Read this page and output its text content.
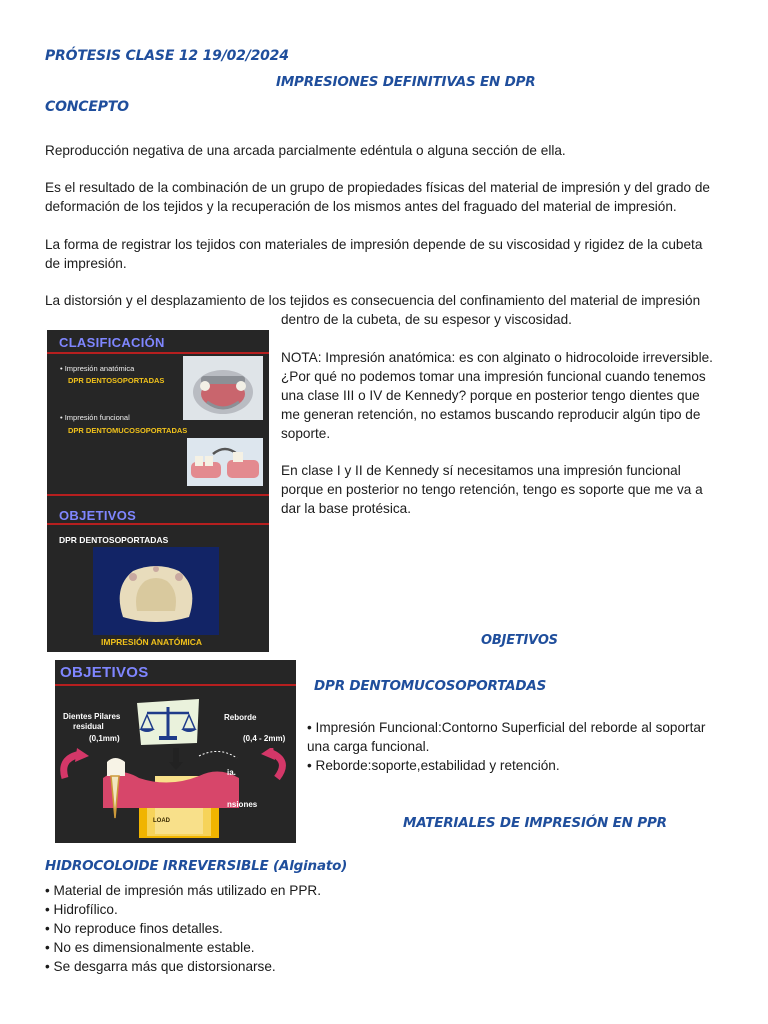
PRÓTESIS CLASE 12 19/02/2024
IMPRESIONES DEFINITIVAS EN DPR
CONCEPTO
Reproducción negativa de una arcada parcialmente edéntula o alguna sección de ella.
Es el resultado de la combinación de un grupo de propiedades físicas del material de impresión y del grado de
deformación de los tejidos y la recuperación de los mismos antes del fraguado del material de impresión.
La forma de registrar los tejidos con materiales de impresión depende de su viscosidad y rigidez de la cubeta
de impresión.
La distorsión y el desplazamiento de los tejidos es consecuencia del confinamiento del material de impresión
dentro de la cubeta, de su espesor y viscosidad.
NOTA: Impresión anatómica: es con alginato o hidrocoloide irreversible.
¿Por qué no podemos tomar una impresión funcional cuando tenemos
una clase III o IV de Kennedy? porque en posterior tengo dientes que
me generan retención, no estamos buscando reproducir algún tipo de
soporte.
En clase I y II de Kennedy sí necesitamos una impresión funcional
porque en posterior no tengo retención, tengo es soporte que me va a
dar la base protésica.
CLASIFICACIÓN
• Impresión anatómica
DPR DENTOSOPORTADAS
• Impresión funcional
DPR DENTOMUCOSOPORTADAS
OBJETIVOS
DPR DENTOSOPORTADAS
IMPRESIÓN ANATÓMICA	OBJETIVOS
DPR DENTOMUCOSOPORTADAS
• Impresión Funcional:Contorno Superficial del reborde al soportar
una carga funcional.
• Reborde:soporte,estabilidad y retención.
OBJETIVOS
Dientes Pilares
residual
(0,1mm)
Reborde
(0,4 - 2mm)
ia.
nsiones
LOAD	MATERIALES DE IMPRESIÓN EN PPR
HIDROCOLOIDE IRREVERSIBLE (Alginato)
• Material de impresión más utilizado en PPR.
• Hidrofílico.
• No reproduce finos detalles.
• No es dimensionalmente estable.
• Se desgarra más que distorsionarse.
